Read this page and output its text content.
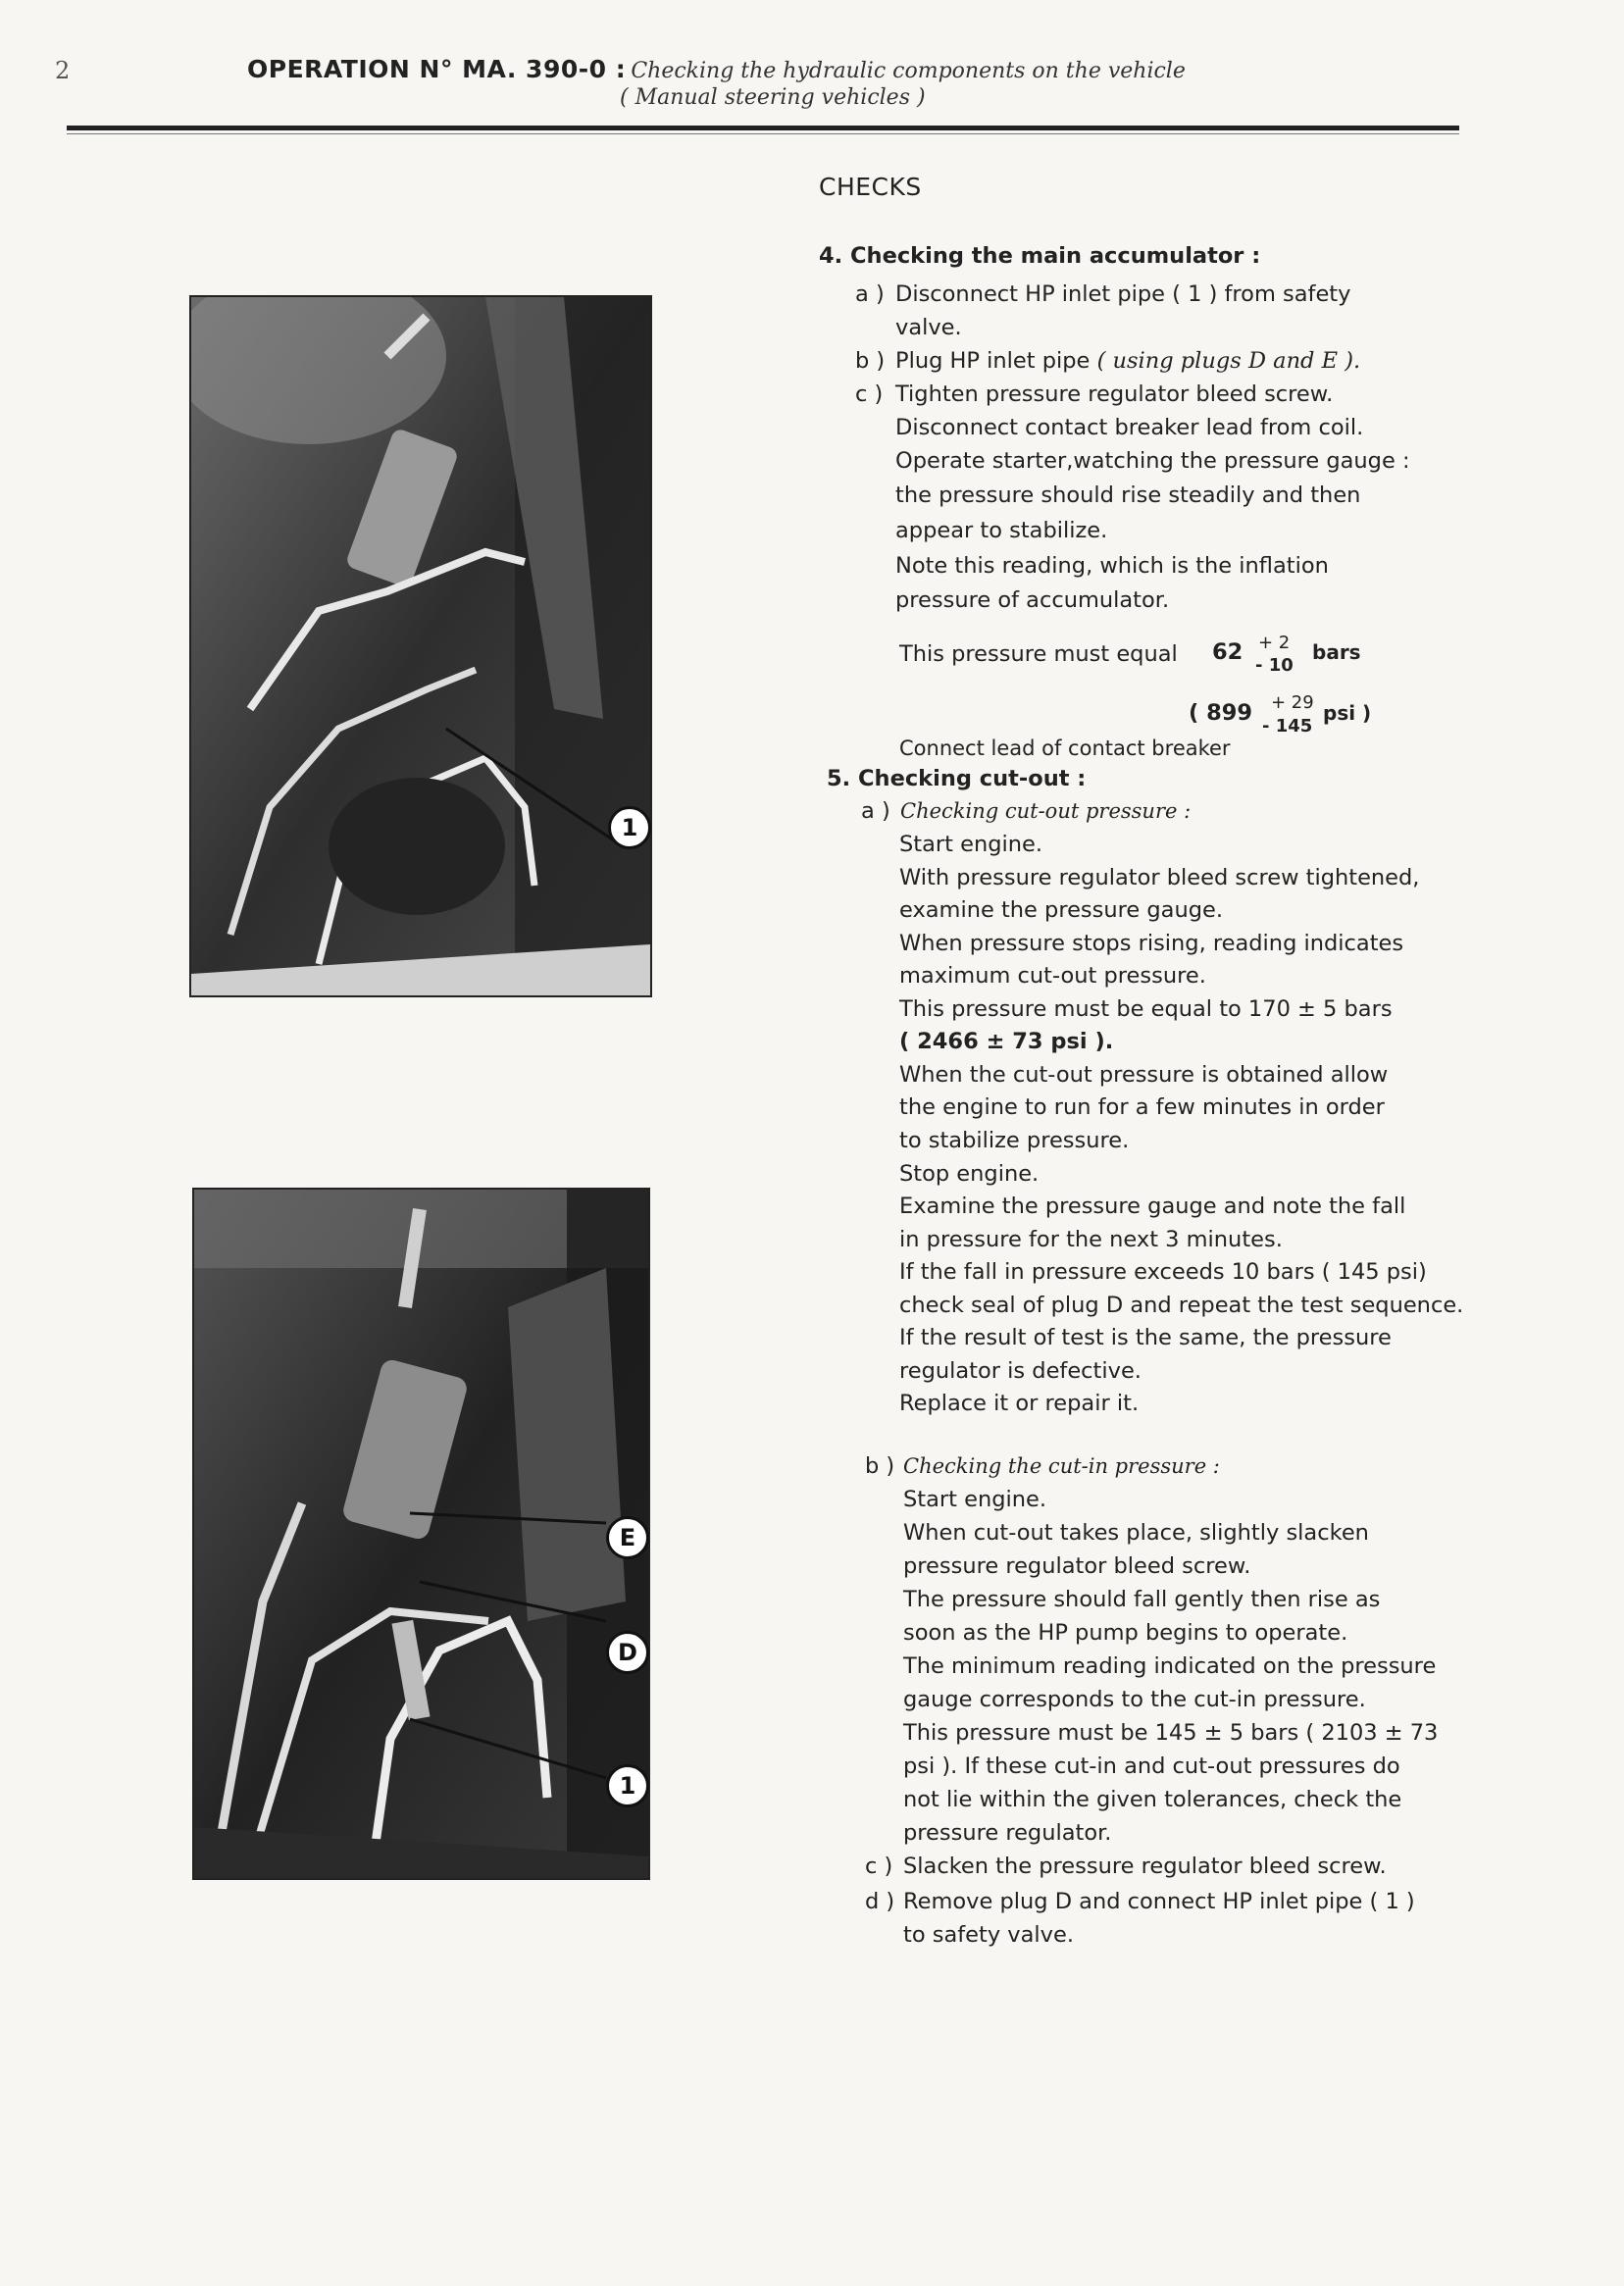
2	OPERATION N° MA. 390-0 : Checking the hydraulic components on the vehicle
( Manual steering vehicles )
1
E
D
1
CHECKS
4. Checking the main accumulator :
a ) Disconnect HP inlet pipe ( 1 ) from safety
valve.
b ) Plug HP inlet pipe ( using plugs D and E ).
c ) Tighten pressure regulator bleed screw.
Disconnect contact breaker lead from coil.
Operate starter,watching the pressure gauge :
the pressure should rise steadily and then
appear to stabilize.
Note this reading, which is the inflation
pressure of accumulator.
This pressure must equal 62 + 2
- 10
bars
( 899 + 29
- 145
psi )
Connect lead of contact breaker
5. Checking cut-out :
a ) Checking cut-out pressure :
Start engine.
With pressure regulator bleed screw tightened,
examine the pressure gauge.
When pressure stops rising, reading indicates
maximum cut-out pressure.
This pressure must be equal to 170 ± 5 bars
( 2466 ± 73 psi ).
When the cut-out pressure is obtained allow
the engine to run for a few minutes in order
to stabilize pressure.
Stop engine.
Examine the pressure gauge and note the fall
in pressure for the next 3 minutes.
If the fall in pressure exceeds 10 bars ( 145 psi)
check seal of plug D and repeat the test sequence.
If the result of test is the same, the pressure
regulator is defective.
Replace it or repair it.
b ) Checking the cut-in pressure :
Start engine.
When cut-out takes place, slightly slacken
pressure regulator bleed screw.
The pressure should fall gently then rise as
soon as the HP pump begins to operate.
The minimum reading indicated on the pressure
gauge corresponds to the cut-in pressure.
This pressure must be 145 ± 5 bars ( 2103 ± 73
psi ). If these cut-in and cut-out pressures do
not lie within the given tolerances, check the
pressure regulator.
c ) Slacken the pressure regulator bleed screw.
d ) Remove plug D and connect HP inlet pipe ( 1 )
to safety valve.
